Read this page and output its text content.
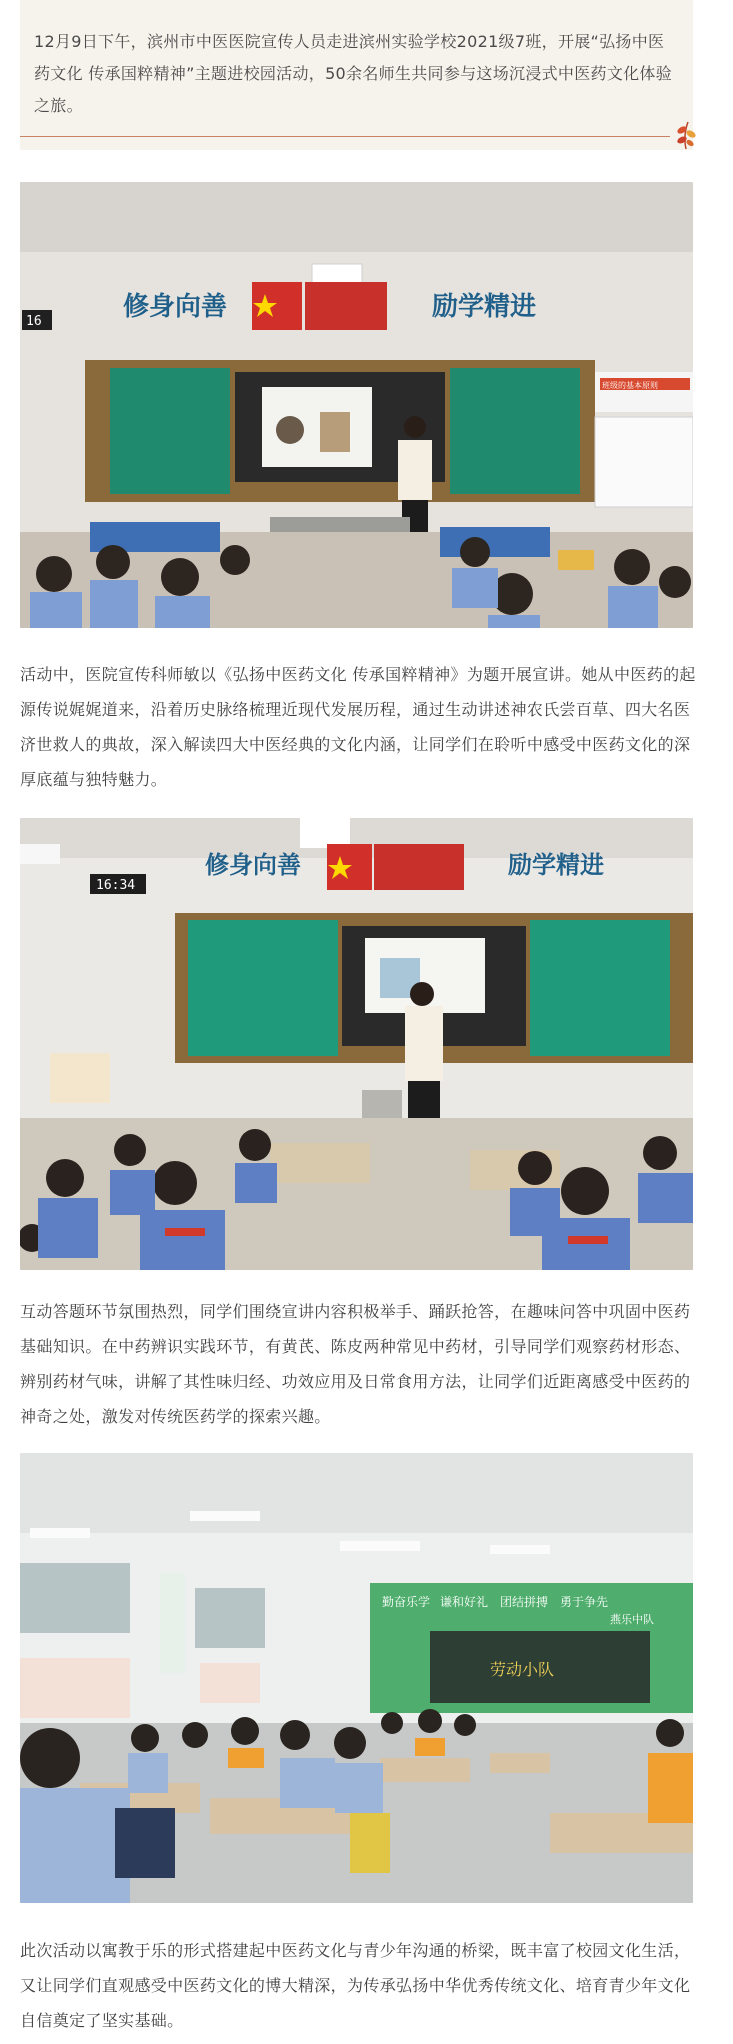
12月9日下午，滨州市中医医院宣传人员走进滨州实验学校2021级7班，开展“弘扬中医药文化 传承国粹精神”主题进校园活动，50余名师生共同参与这场沉浸式中医药文化体验之旅。
修身向善	励学精进
16
班级的基本原则
活动中，医院宣传科师敏以《弘扬中医药文化 传承国粹精神》为题开展宣讲。她从中医药的起源传说娓娓道来，沿着历史脉络梳理近现代发展历程，通过生动讲述神农氏尝百草、四大名医济世救人的典故，深入解读四大中医经典的文化内涵，让同学们在聆听中感受中医药文化的深厚底蕴与独特魅力。
修身向善	励学精进
16:34
互动答题环节氛围热烈，同学们围绕宣讲内容积极举手、踊跃抢答，在趣味问答中巩固中医药基础知识。在中药辨识实践环节，有黄芪、陈皮两种常见中药材，引导同学们观察药材形态、辨别药材气味，讲解了其性味归经、功效应用及日常食用方法，让同学们近距离感受中医药的神奇之处，激发对传统医药学的探索兴趣。
勤奋乐学 谦和好礼 团结拼搏 勇于争先
燕乐中队
劳动小队
此次活动以寓教于乐的形式搭建起中医药文化与青少年沟通的桥梁，既丰富了校园文化生活，又让同学们直观感受中医药文化的博大精深，为传承弘扬中华优秀传统文化、培育青少年文化自信奠定了坚实基础。
